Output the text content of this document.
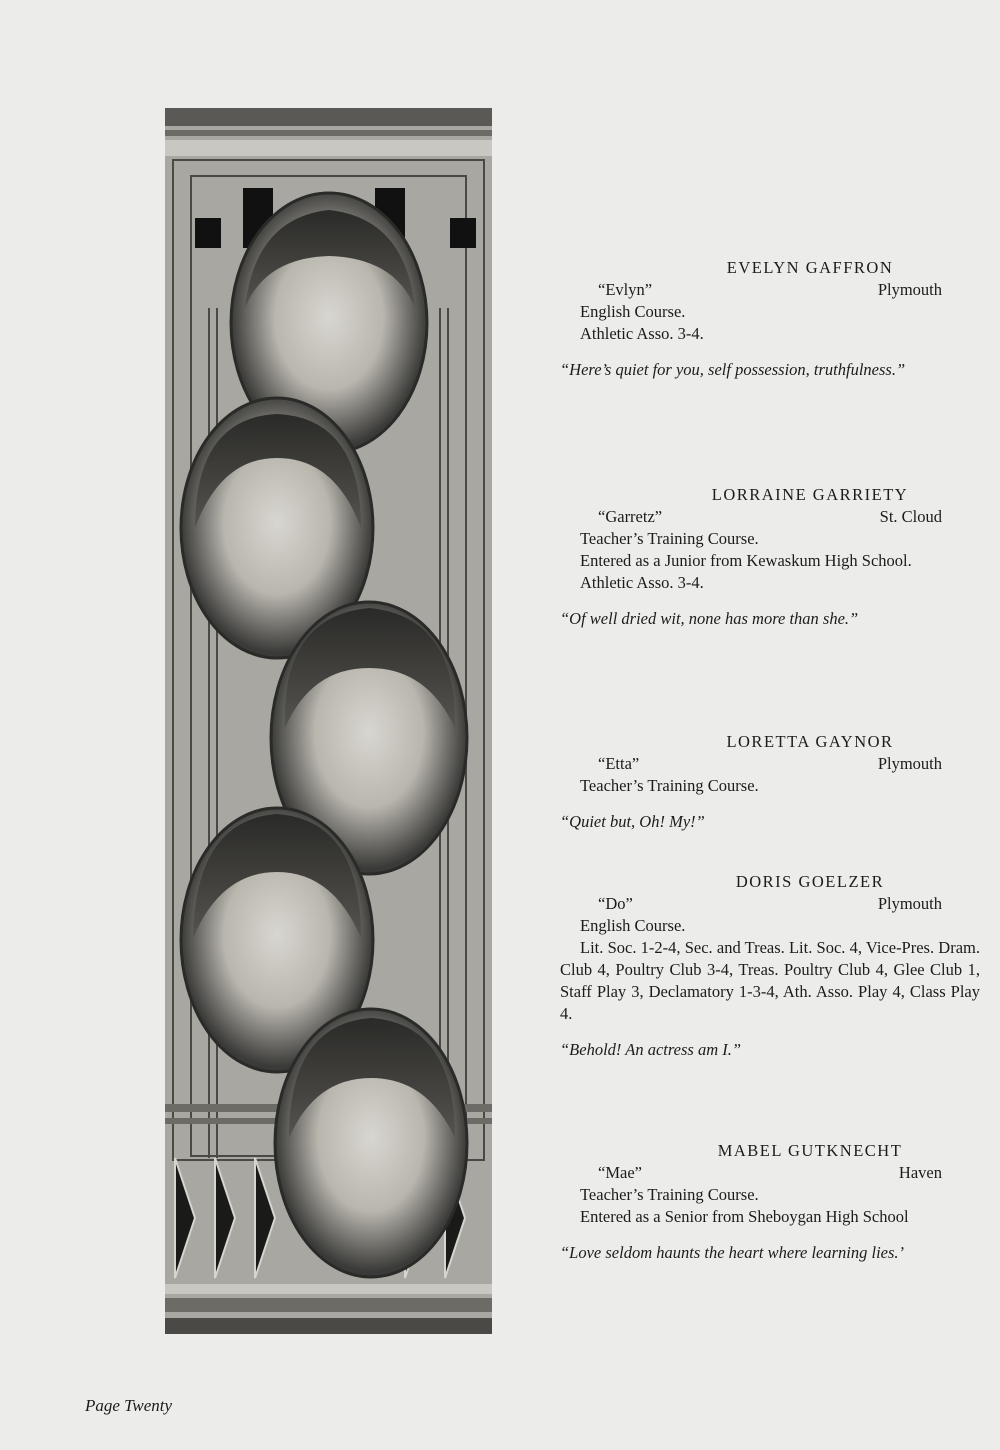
EVELYN GAFFRON
“Evlyn”	Plymouth
English Course.
Athletic Asso. 3-4.
“Here’s quiet for you, self possession, truthfulness.”
LORRAINE GARRIETY
“Garretz”	St. Cloud
Teacher’s Training Course.
Entered as a Junior from Kewaskum High School.
Athletic Asso. 3-4.
“Of well dried wit, none has more than she.”
LORETTA GAYNOR
“Etta”	Plymouth
Teacher’s Training Course.
“Quiet but, Oh! My!”
DORIS GOELZER
“Do”	Plymouth
English Course.
Lit. Soc. 1-2-4, Sec. and Treas. Lit. Soc. 4, Vice-Pres. Dram. Club 4, Poultry Club 3-4, Treas. Poultry Club 4, Glee Club 1, Staff Play 3, Declamatory 1-3-4, Ath. Asso. Play 4, Class Play 4.
“Behold! An actress am I.”
MABEL GUTKNECHT
“Mae”	Haven
Teacher’s Training Course.
Entered as a Senior from Sheboygan High School
“Love seldom haunts the heart where learning lies.’
Page Twenty
